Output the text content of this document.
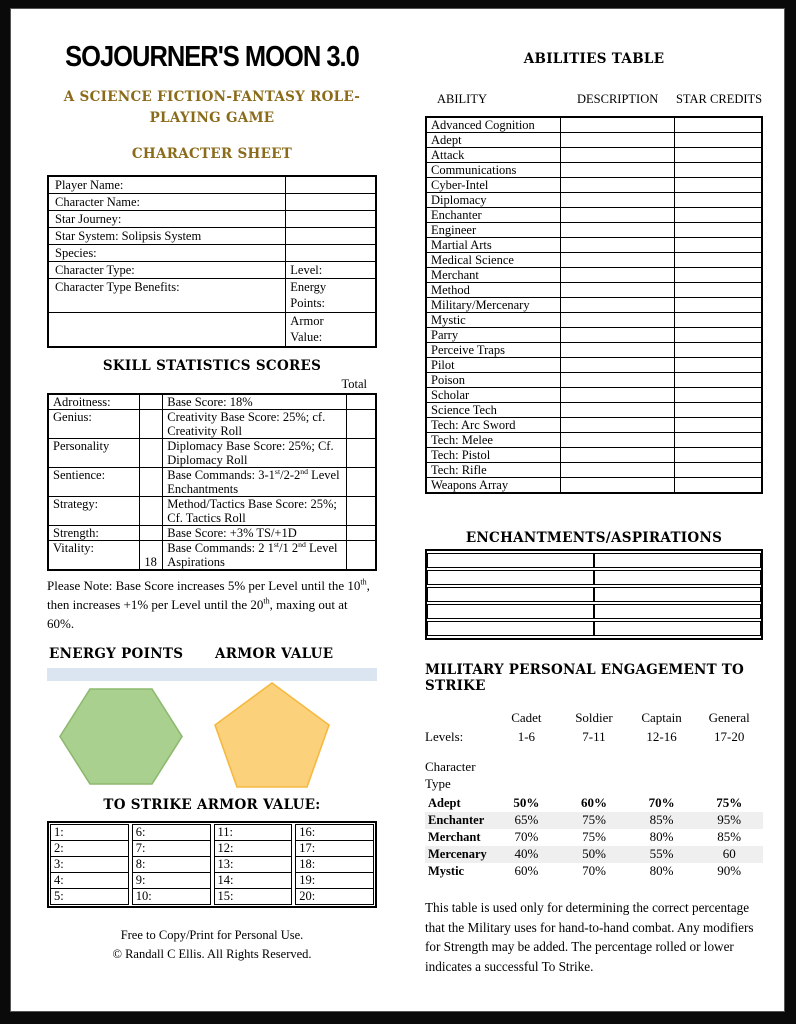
SOJOURNER'S MOON 3.0
A SCIENCE FICTION-FANTASY ROLE-PLAYING GAME
CHARACTER SHEET
Player Name:	
Character Name:	
Star Journey:	
Star System: Solipsis System	
Species:	
Character Type:	Level:
Character Type Benefits:	Energy Points:
	Armor Value:
SKILL STATISTICS SCORES
Total
Adroitness:		Base Score: 18%	
Genius:		Creativity Base Score: 25%; cf. Creativity Roll	
Personality		Diplomacy Base Score: 25%; Cf. Diplomacy Roll	
Sentience:		Base Commands: 3-1st/2-2nd Level Enchantments	
Strategy:		Method/Tactics Base Score: 25%; Cf. Tactics Roll	
Strength:		Base Score: +3% TS/+1D	
Vitality:	18	Base Commands: 2 1st/1 2nd Level Aspirations	

Please Note: Base Score increases 5% per Level until the 10th, then increases +1% per Level until the 20th, maxing out at 60%.

ENERGY POINTS ARMOR VALUE
TO STRIKE ARMOR VALUE:
1:
2:
3:
4:
5:
6:
7:
8:
9:
10:
11:
12:
13:
14:
15:
16:
17:
18:
19:
20:
Free to Copy/Print for Personal Use.
© Randall C Ellis. All Rights Reserved.
ABILITIES TABLE
ABILITY	DESCRIPTION	STAR CREDITS
Advanced Cognition		
Adept		
Attack		
Communications		
Cyber-Intel		
Diplomacy		
Enchanter		
Engineer		
Martial Arts		
Medical Science		
Merchant		
Method		
Military/Mercenary		
Mystic		
Parry		
Perceive Traps		
Pilot		
Poison		
Scholar		
Science Tech		
Tech: Arc Sword		
Tech: Melee		
Tech: Pistol		
Tech: Rifle		
Weapons Array		
ENCHANTMENTS/ASPIRATIONS

MILITARY PERSONAL ENGAGEMENT TO STRIKE
	Cadet	Soldier	Captain	General
Levels:	1-6	7-11	12-16	17-20
Character Type
Adept	50%	60%	70%	75%
Enchanter	65%	75%	85%	95%
Merchant	70%	75%	80%	85%
Mercenary	40%	50%	55%	60
Mystic	60%	70%	80%	90%

This table is used only for determining the correct percentage that the Military uses for hand-to-hand combat. Any modifiers for Strength may be added. The percentage rolled or lower indicates a successful To Strike.
